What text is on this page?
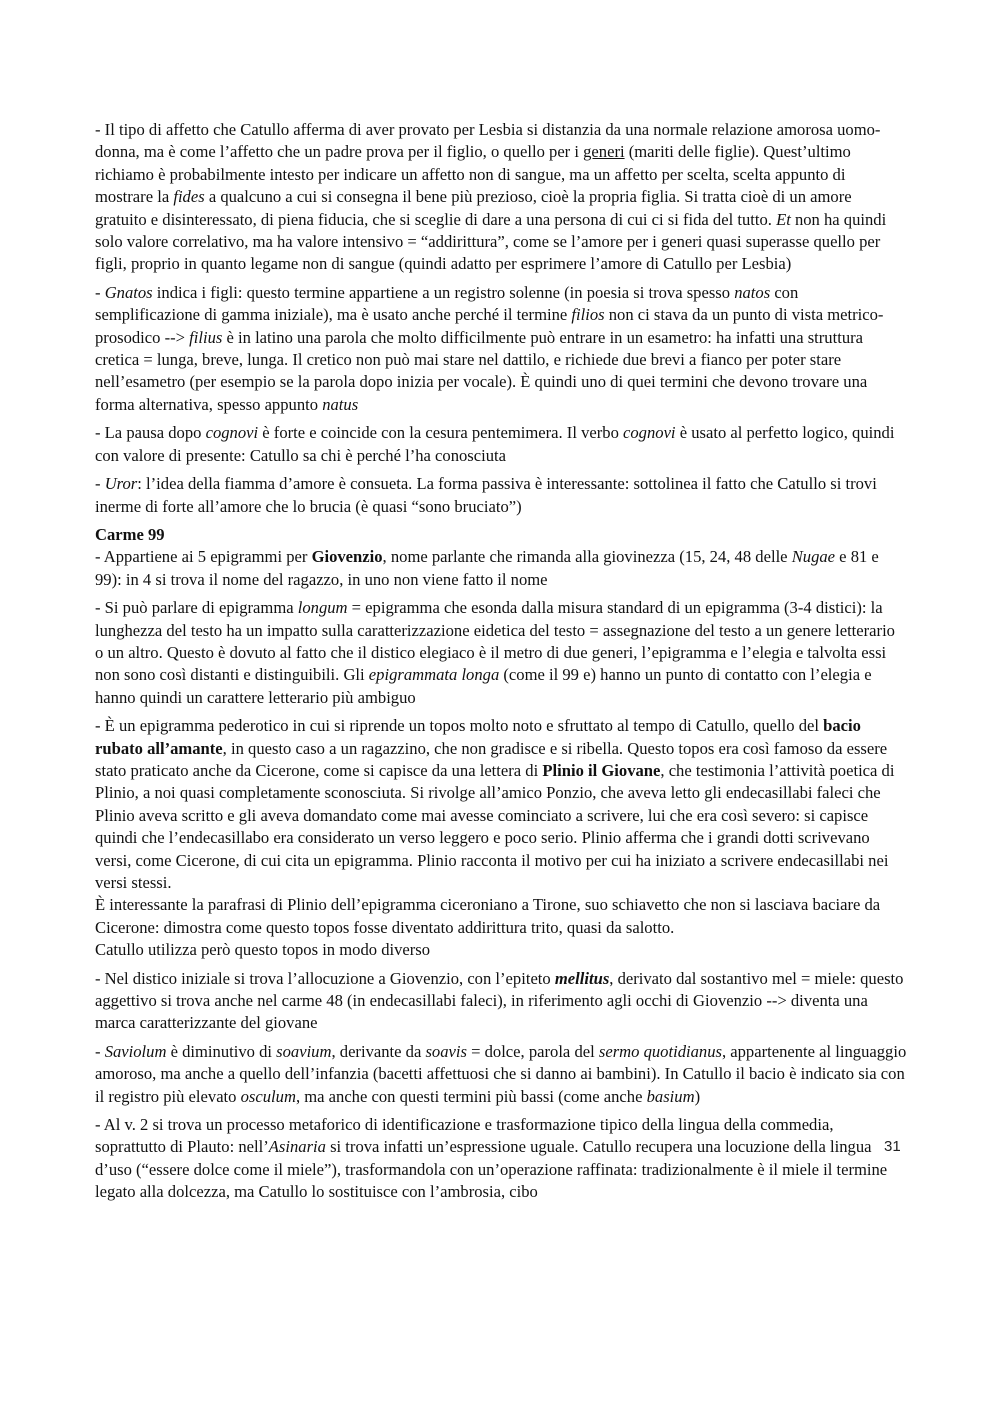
- Il tipo di affetto che Catullo afferma di aver provato per Lesbia si distanzia da una normale relazione amorosa uomo-donna, ma è come l’affetto che un padre prova per il figlio, o quello per i generi (mariti delle figlie). Quest’ultimo richiamo è probabilmente intesto per indicare un affetto non di sangue, ma un affetto per scelta, scelta appunto di mostrare la fides a qualcuno a cui si consegna il bene più prezioso, cioè la propria figlia. Si tratta cioè di un amore gratuito e disinteressato, di piena fiducia, che si sceglie di dare a una persona di cui ci si fida del tutto. Et non ha quindi solo valore correlativo, ma ha valore intensivo = “addirittura”, come se l’amore per i generi quasi superasse quello per figli, proprio in quanto legame non di sangue (quindi adatto per esprimere l’amore di Catullo per Lesbia)

- Gnatos indica i figli: questo termine appartiene a un registro solenne (in poesia si trova spesso natos con semplificazione di gamma iniziale), ma è usato anche perché il termine filios non ci stava da un punto di vista metrico-prosodico --> filius è in latino una parola che molto difficilmente può entrare in un esametro: ha infatti una struttura cretica = lunga, breve, lunga. Il cretico non può mai stare nel dattilo, e richiede due brevi a fianco per poter stare nell’esametro (per esempio se la parola dopo inizia per vocale). È quindi uno di quei termini che devono trovare una forma alternativa, spesso appunto natus

- La pausa dopo cognovi è forte e coincide con la cesura pentemimera. Il verbo cognovi è usato al perfetto logico, quindi con valore di presente: Catullo sa chi è perché l’ha conosciuta

- Uror: l’idea della fiamma d’amore è consueta. La forma passiva è interessante: sottolinea il fatto che Catullo si trovi inerme di forte all’amore che lo brucia (è quasi “sono bruciato”)

Carme 99

- Appartiene ai 5 epigrammi per Giovenzio, nome parlante che rimanda alla giovinezza (15, 24, 48 delle Nugae e 81 e 99): in 4 si trova il nome del ragazzo, in uno non viene fatto il nome

- Si può parlare di epigramma longum = epigramma che esonda dalla misura standard di un epigramma (3-4 distici): la lunghezza del testo ha un impatto sulla caratterizzazione eidetica del testo = assegnazione del testo a un genere letterario o un altro. Questo è dovuto al fatto che il distico elegiaco è il metro di due generi, l’epigramma e l’elegia e talvolta essi non sono così distanti e distinguibili. Gli epigrammata longa (come il 99 e) hanno un punto di contatto con l’elegia e hanno quindi un carattere letterario più ambiguo

- È un epigramma pederotico in cui si riprende un topos molto noto e sfruttato al tempo di Catullo, quello del bacio rubato all’amante, in questo caso a un ragazzino, che non gradisce e si ribella. Questo topos era così famoso da essere stato praticato anche da Cicerone, come si capisce da una lettera di Plinio il Giovane, che testimonia l’attività poetica di Plinio, a noi quasi completamente sconosciuta. Si rivolge all’amico Ponzio, che aveva letto gli endecasillabi faleci che Plinio aveva scritto e gli aveva domandato come mai avesse cominciato a scrivere, lui che era così severo: si capisce quindi che l’endecasillabo era considerato un verso leggero e poco serio. Plinio afferma che i grandi dotti scrivevano versi, come Cicerone, di cui cita un epigramma. Plinio racconta il motivo per cui ha iniziato a scrivere endecasillabi nei versi stessi.
È interessante la parafrasi di Plinio dell’epigramma ciceroniano a Tirone, suo schiavetto che non si lasciava baciare da Cicerone: dimostra come questo topos fosse diventato addirittura trito, quasi da salotto.
Catullo utilizza però questo topos in modo diverso

- Nel distico iniziale si trova l’allocuzione a Giovenzio, con l’epiteto mellitus, derivato dal sostantivo mel = miele: questo aggettivo si trova anche nel carme 48 (in endecasillabi faleci), in riferimento agli occhi di Giovenzio --> diventa una marca caratterizzante del giovane

- Saviolum è diminutivo di soavium, derivante da soavis = dolce, parola del sermo quotidianus, appartenente al linguaggio amoroso, ma anche a quello dell’infanzia (bacetti affettuosi che si danno ai bambini). In Catullo il bacio è indicato sia con il registro più elevato osculum, ma anche con questi termini più bassi (come anche basium)

- Al v. 2 si trova un processo metaforico di identificazione e trasformazione tipico della lingua della commedia, soprattutto di Plauto: nell’Asinaria si trova infatti un’espressione uguale. Catullo recupera una locuzione della lingua d’uso (“essere dolce come il miele”), trasformandola con un’operazione raffinata: tradizionalmente è il miele il termine legato alla dolcezza, ma Catullo lo sostituisce con l’ambrosia, cibo

31
